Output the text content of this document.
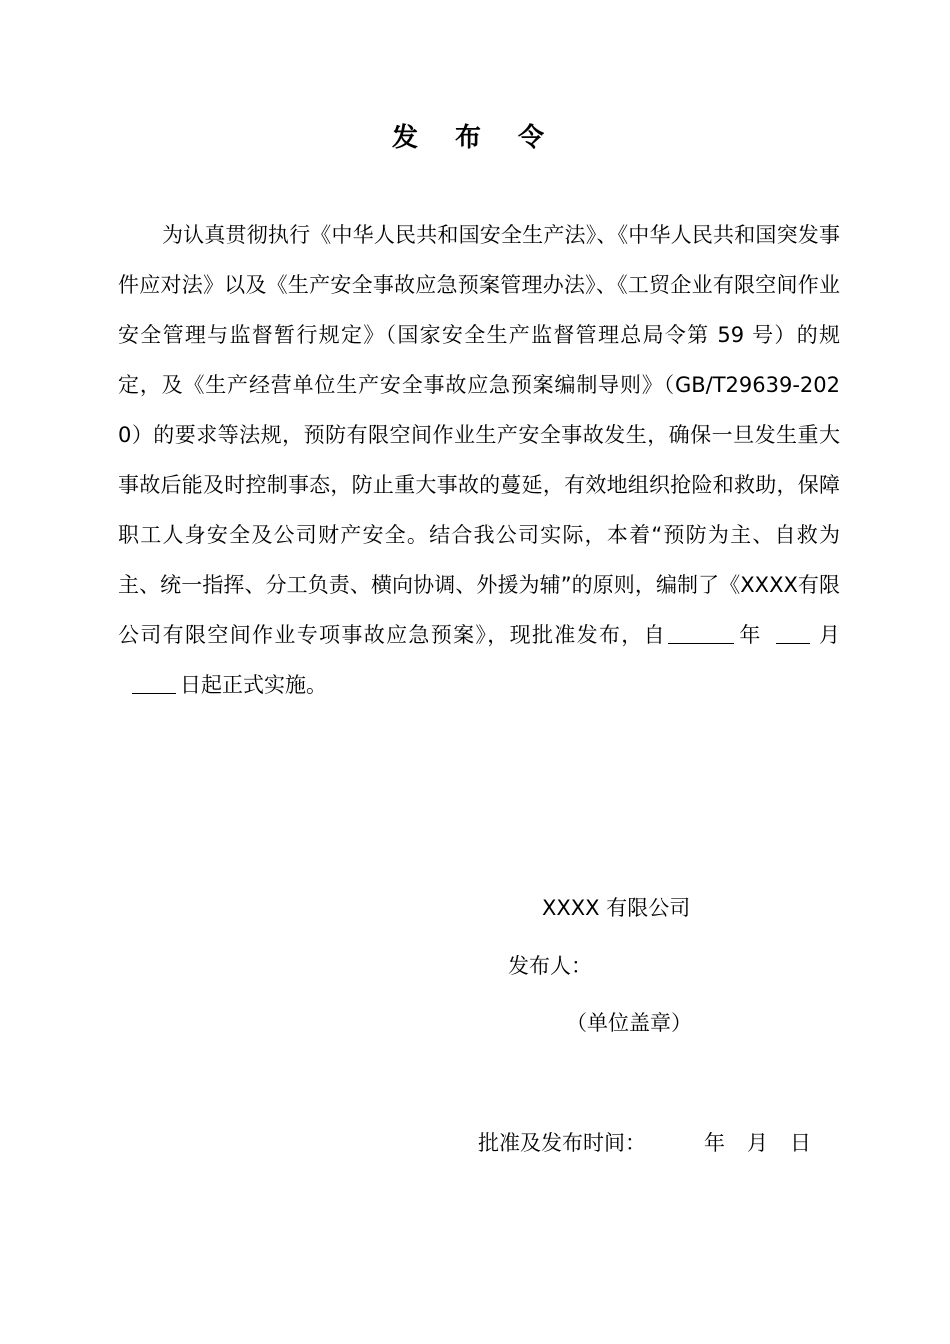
发 布 令

为认真贯彻执行《中华人民共和国安全生产法》、《中华人民共和国突发事件应对法》以及《生产安全事故应急预案管理办法》、《工贸企业有限空间作业安全管理与监督暂行规定》（国家安全生产监督管理总局令第 59 号）的规定，及《生产经营单位生产安全事故应急预案编制导则》（GB/T29639-2020）的要求等法规，预防有限空间作业生产安全事故发生，确保一旦发生重大事故后能及时控制事态，防止重大事故的蔓延，有效地组织抢险和救助，保障职工人身安全及公司财产安全。结合我公司实际，本着“预防为主、自救为主、统一指挥、分工负责、横向协调、外援为辅”的原则，编制了《XXXX有限公司有限空间作业专项事故应急预案》，现批准发布，自	年	月日起正式实施。

XXXX 有限公司
发布人：
（单位盖章）
批准及发布时间：	年 月 日
